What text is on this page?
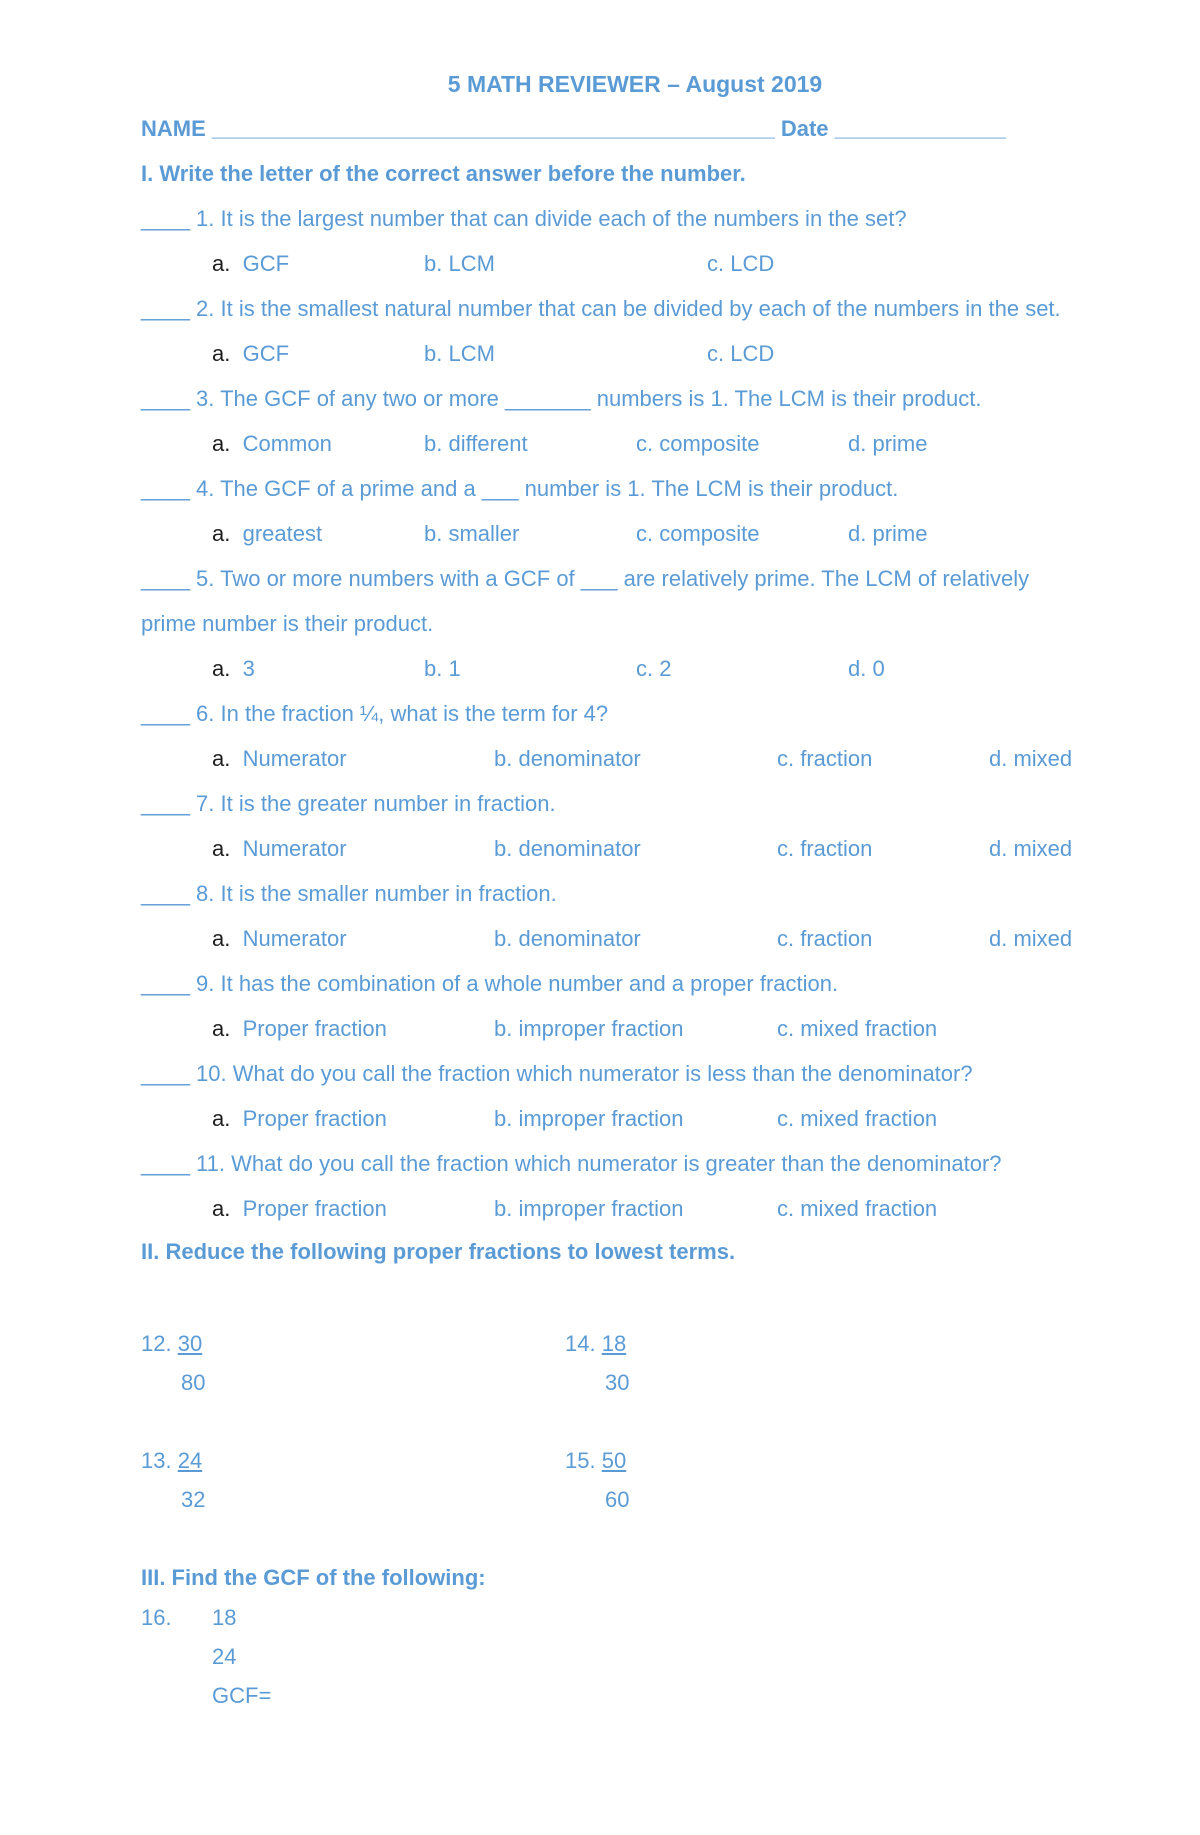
5 MATH REVIEWER – August 2019
NAME ______________________________________________ Date ______________
I. Write the letter of the correct answer before the number.
____ 1. It is the largest number that can divide each of the numbers in the set?
a. GCF	b. LCM	c. LCD
____ 2. It is the smallest natural number that can be divided by each of the numbers in the set.
a. GCF	b. LCM	c. LCD
____ 3. The GCF of any two or more _______ numbers is 1. The LCM is their product.
a. Common	b. different	c. composite	d. prime
____ 4. The GCF of a prime and a ___ number is 1. The LCM is their product.
a. greatest	b. smaller	c. composite	d. prime
____ 5. Two or more numbers with a GCF of ___ are relatively prime. The LCM of relatively
prime number is their product.
a. 3	b. 1	c. 2	d. 0
____ 6. In the fraction ¼, what is the term for 4?
a. Numerator	b. denominator	c. fraction	d. mixed
____ 7. It is the greater number in fraction.
a. Numerator	b. denominator	c. fraction	d. mixed
____ 8. It is the smaller number in fraction.
a. Numerator	b. denominator	c. fraction	d. mixed
____ 9. It has the combination of a whole number and a proper fraction.
a. Proper fraction	b. improper fraction	c. mixed fraction
____ 10. What do you call the fraction which numerator is less than the denominator?
a. Proper fraction	b. improper fraction	c. mixed fraction
____ 11. What do you call the fraction which numerator is greater than the denominator?
a. Proper fraction	b. improper fraction	c. mixed fraction
II. Reduce the following proper fractions to lowest terms.
12. 30
80
14. 18
30
13. 24
32
15. 50
60
III. Find the GCF of the following:
16. 18
24
GCF=
